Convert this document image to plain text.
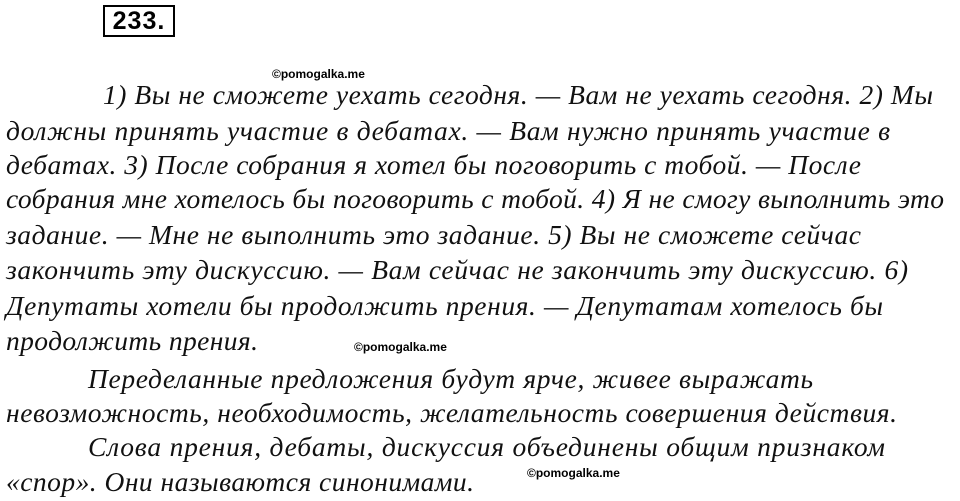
233.
©pomogalka.me
1) Вы не сможете уехать сегодня. — Вам не уехать сегодня. 2) Мы
должны принять участие в дебатах. — Вам нужно принять участие в
дебатах. 3) После собрания я хотел бы поговорить с тобой. — После
собрания мне хотелось бы поговорить с тобой. 4) Я не смогу выполнить это
задание. — Мне не выполнить это задание. 5) Вы не сможете сейчас
закончить эту дискуссию. — Вам сейчас не закончить эту дискуссию. 6)
Депутаты хотели бы продолжить прения. — Депутатам хотелось бы
продолжить прения.	©pomogalka.me
Переделанные предложения будут ярче, живее выражать
невозможность, необходимость, желательность совершения действия.
Слова прения, дебаты, дискуссия объединены общим признаком
«спор». Они называются синонимами.	©pomogalka.me
